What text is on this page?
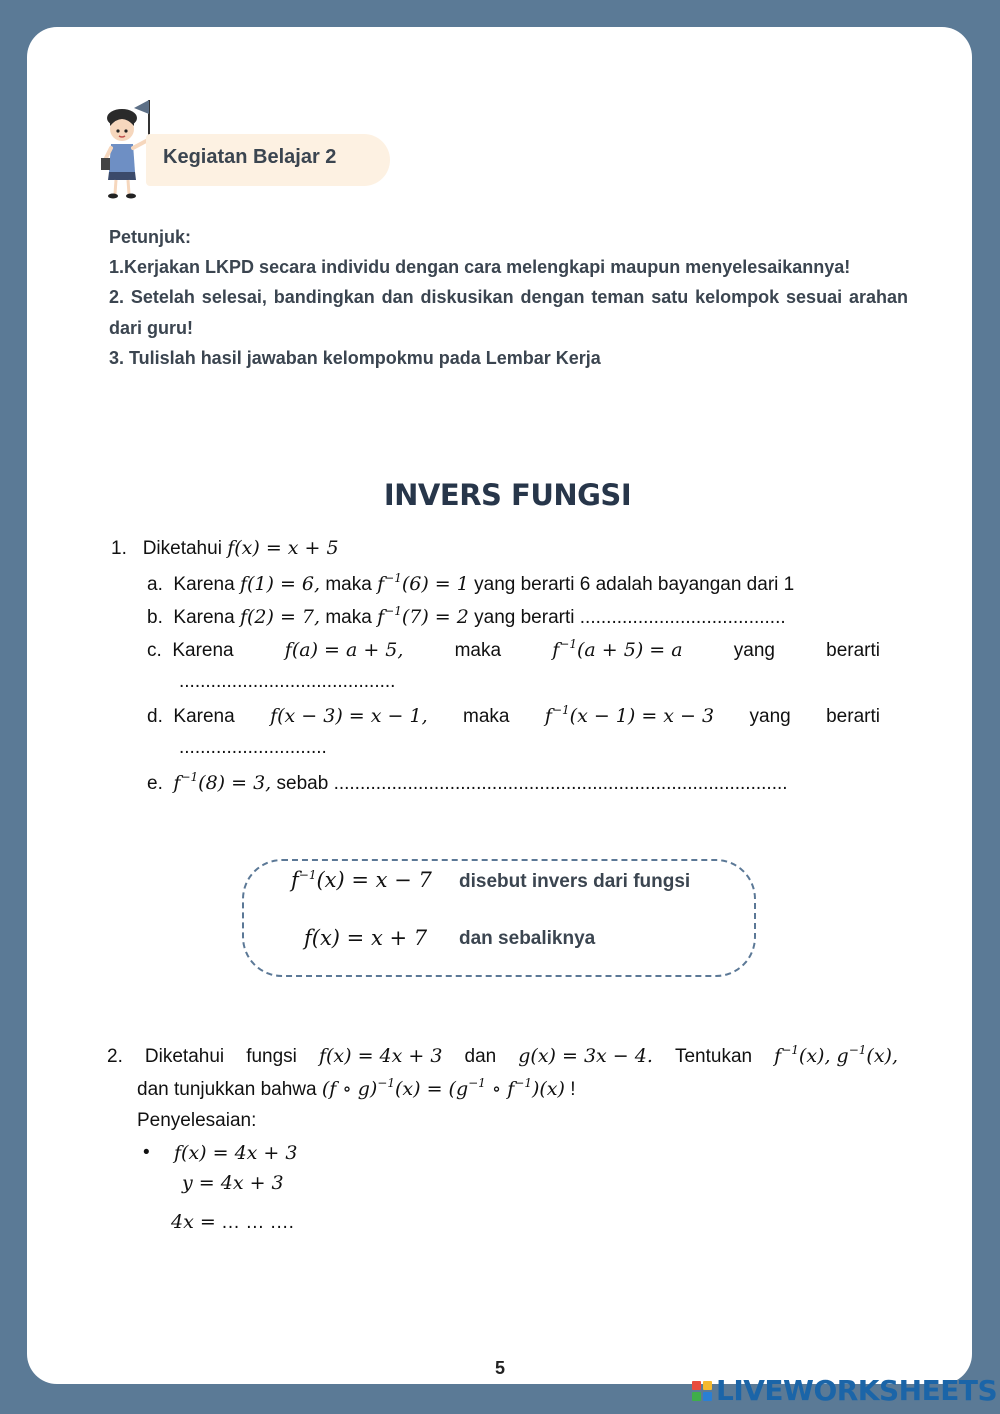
Kegiatan Belajar 2

Petunjuk:

1.Kerjakan LKPD secara individu dengan cara melengkapi maupun menyelesaikannya!

2. Setelah selesai, bandingkan dan diskusikan dengan teman satu kelompok sesuai arahan dari guru!

3. Tulislah hasil jawaban kelompokmu pada Lembar Kerja

INVERS FUNGSI
1. Diketahui f(x) = x + 5
a. Karena f(1) = 6, maka $f^{-1}(6) = 1$ yang berarti 6 adalah bayangan dari 1
b. Karena f(2) = 7, maka $f^{-1}(7) = 2$ yang berarti .......................................
c. Karena	f(a) = a + 5,	maka	$f^{-1}(a + 5) = a$	yang	berarti
.........................................
d. Karena f(x − 3) = x − 1, maka $f^{-1}(x - 1) = x - 3$ yang berarti
............................
e. $f^{-1}(8) = 3$, sebab ......................................................................................
$f^{-1}(x) = x - 7$ disebut invers dari fungsi
f(x) = x + 7 dan sebaliknya
2. Diketahui fungsi f(x) = 4x + 3 dan g(x) = 3x − 4. Tentukan $f^{-1}(x)$, $g^{-1}(x)$,
dan tunjukkan bahwa (f ∘ $g)^{-1}(x) = (g^{-1}$ ∘ $f^{-1})(x)$ !
Penyelesaian:
• f(x) = 4x + 3
y = 4x + 3
4x = … … ….
5
LIVEWORKSHEETS
